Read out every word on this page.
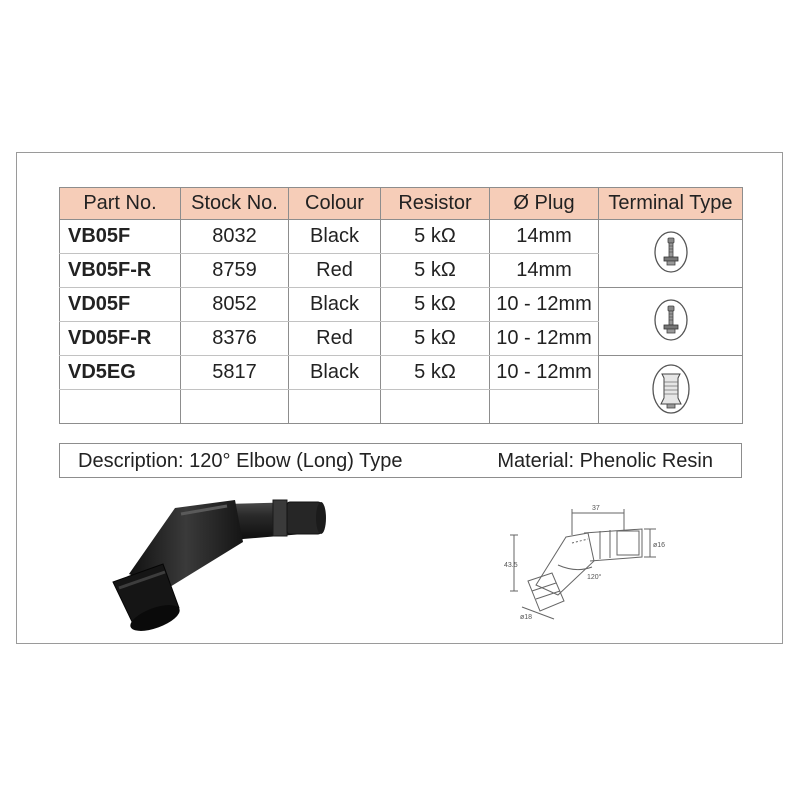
Part No.	Stock No.	Colour	Resistor	Ø Plug	Terminal Type
VB05F	8032	Black	5 kΩ	14mm	

VB05F-R	8759	Red	5 kΩ	14mm	
VD05F	8052	Black	5 kΩ	10 - 12mm	

VD05F-R	8376	Red	5 kΩ	10 - 12mm	
VD5EG	5817	Black	5 kΩ	10 - 12mm	

Description: 120° Elbow (Long) Type	Material: Phenolic Resin
37
ø16
43.5
120°
ø18
